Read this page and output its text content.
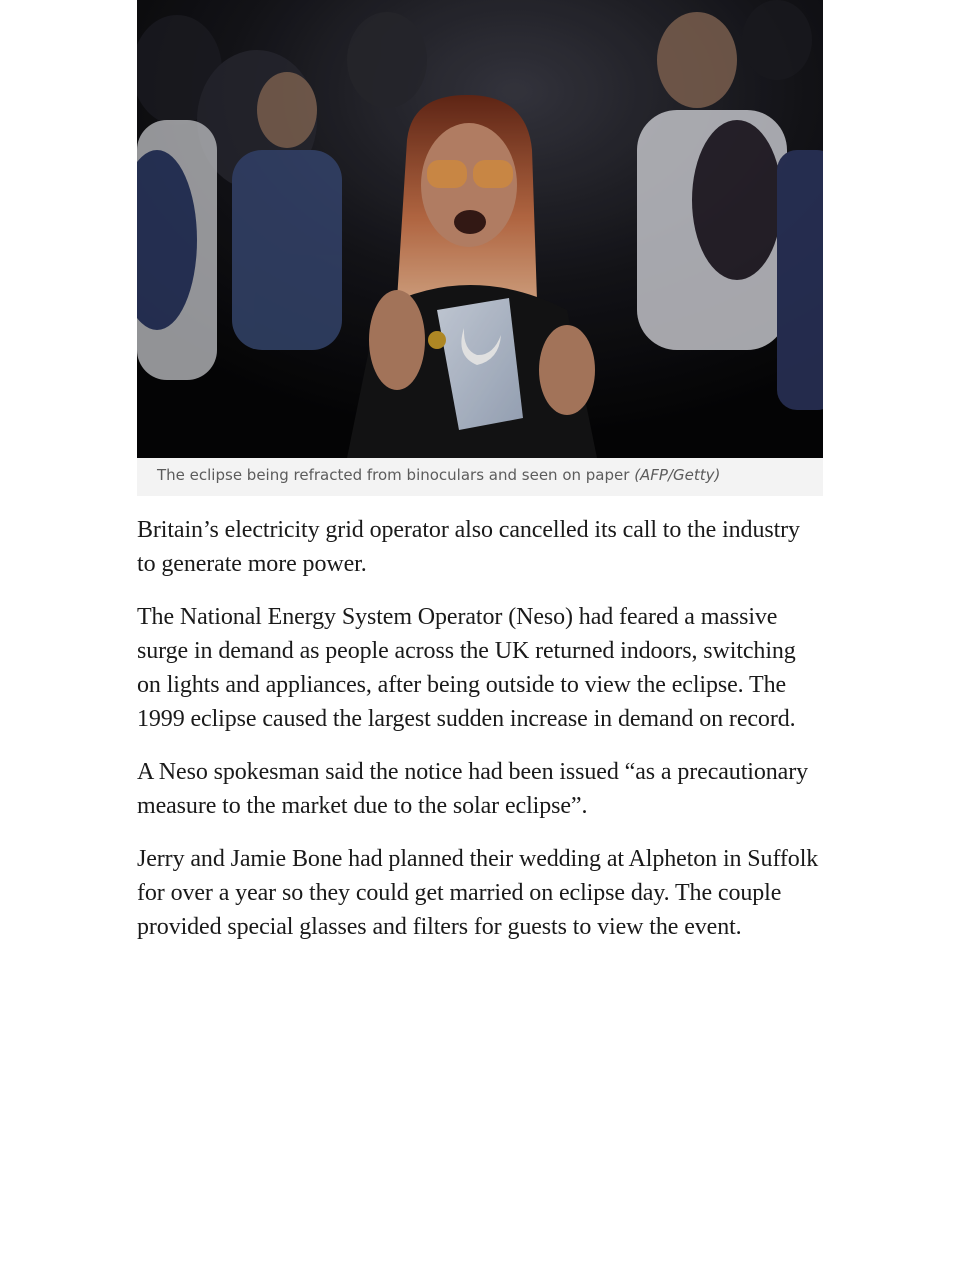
The eclipse being refracted from binoculars and seen on paper (AFP/Getty)

Britain’s electricity grid operator also cancelled its call to the industry to generate more power.

The National Energy System Operator (Neso) had feared a massive surge in demand as people across the UK returned indoors, switching on lights and appliances, after being outside to view the eclipse. The 1999 eclipse caused the largest sudden increase in demand on record.

A Neso spokesman said the notice had been issued “as a precautionary measure to the market due to the solar eclipse”.

Jerry and Jamie Bone had planned their wedding at Alpheton in Suffolk for over a year so they could get married on eclipse day. The couple provided special glasses and filters for guests to view the event.
